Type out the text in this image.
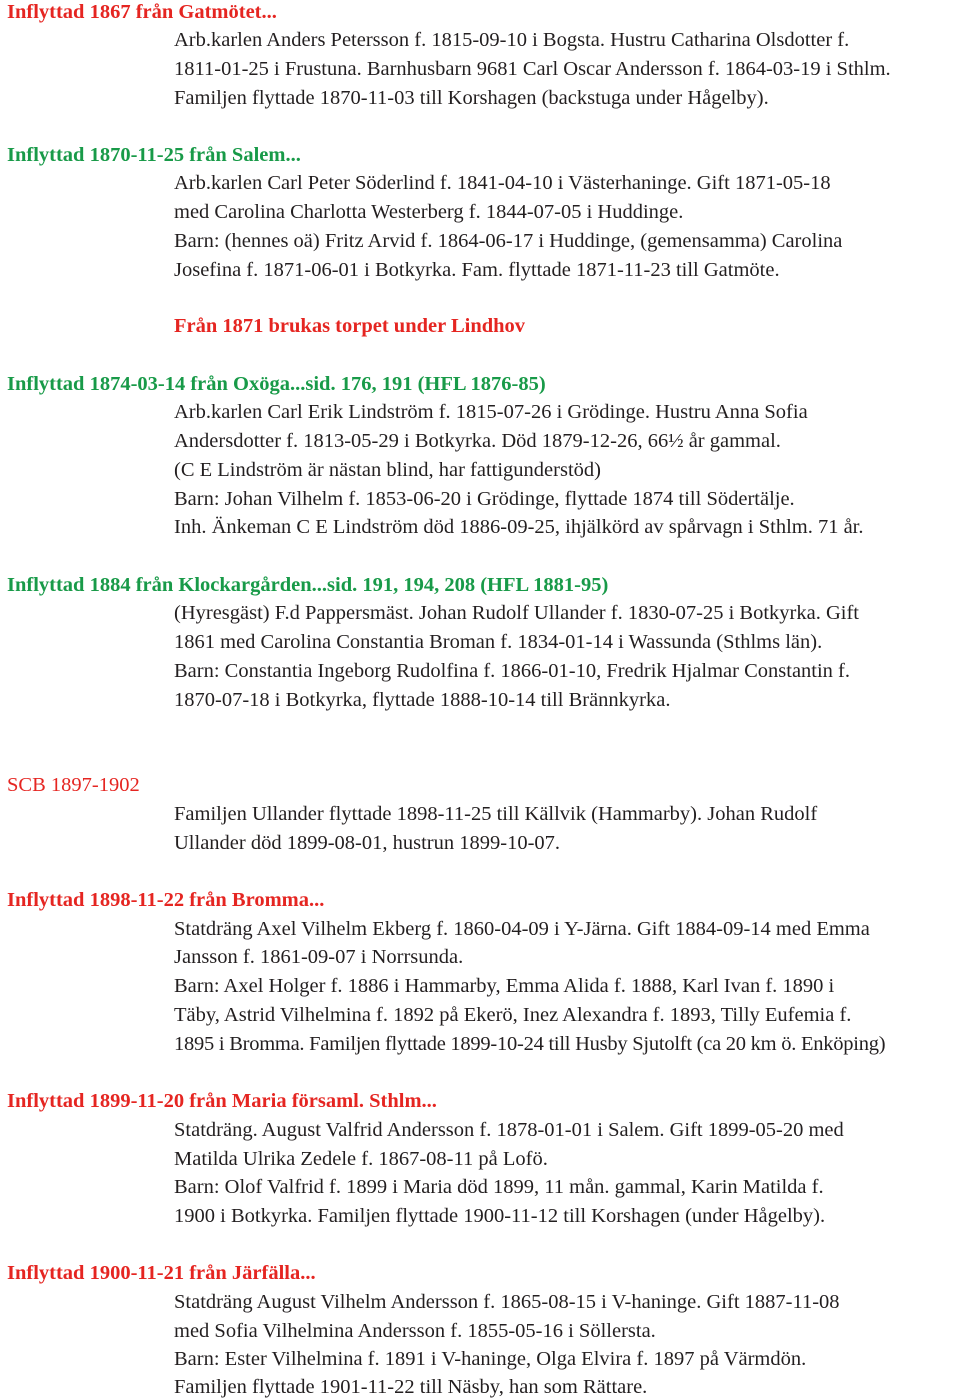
Inflyttad 1867 från Gatmötet...
Arb.karlen Anders Petersson f. 1815-09-10 i Bogsta. Hustru Catharina Olsdotter f.
1811-01-25 i Frustuna. Barnhusbarn 9681 Carl Oscar Andersson f. 1864-03-19 i Sthlm.
Familjen flyttade 1870-11-03 till Korshagen (backstuga under Hågelby).
Inflyttad 1870-11-25 från Salem...
Arb.karlen Carl Peter Söderlind f. 1841-04-10 i Västerhaninge. Gift 1871-05-18
med Carolina Charlotta Westerberg f. 1844-07-05 i Huddinge.
Barn: (hennes oä) Fritz Arvid f. 1864-06-17 i Huddinge, (gemensamma) Carolina
Josefina f. 1871-06-01 i Botkyrka. Fam. flyttade 1871-11-23 till Gatmöte.
Från 1871 brukas torpet under Lindhov
Inflyttad 1874-03-14 från Oxöga...sid. 176, 191 (HFL 1876-85)
Arb.karlen Carl Erik Lindström f. 1815-07-26 i Grödinge. Hustru Anna Sofia
Andersdotter f. 1813-05-29 i Botkyrka. Död 1879-12-26, 66½ år gammal.
(C E Lindström är nästan blind, har fattigunderstöd)
Barn: Johan Vilhelm f. 1853-06-20 i Grödinge, flyttade 1874 till Södertälje.
Inh. Änkeman C E Lindström död 1886-09-25, ihjälkörd av spårvagn i Sthlm. 71 år.
Inflyttad 1884 från Klockargården...sid. 191, 194, 208 (HFL 1881-95)
(Hyresgäst) F.d Pappersmäst. Johan Rudolf Ullander f. 1830-07-25 i Botkyrka. Gift
1861 med Carolina Constantia Broman f. 1834-01-14 i Wassunda (Sthlms län).
Barn: Constantia Ingeborg Rudolfina f. 1866-01-10, Fredrik Hjalmar Constantin f.
1870-07-18 i Botkyrka, flyttade 1888-10-14 till Brännkyrka.
SCB 1897-1902
Familjen Ullander flyttade 1898-11-25 till Källvik (Hammarby). Johan Rudolf
Ullander död 1899-08-01, hustrun 1899-10-07.
Inflyttad 1898-11-22 från Bromma...
Statdräng Axel Vilhelm Ekberg f. 1860-04-09 i Y-Järna. Gift 1884-09-14 med Emma
Jansson f. 1861-09-07 i Norrsunda.
Barn: Axel Holger f. 1886 i Hammarby, Emma Alida f. 1888, Karl Ivan f. 1890 i
Täby, Astrid Vilhelmina f. 1892 på Ekerö, Inez Alexandra f. 1893, Tilly Eufemia f.
1895 i Bromma. Familjen flyttade 1899-10-24 till Husby Sjutolft (ca 20 km ö. Enköping)
Inflyttad 1899-11-20 från Maria församl. Sthlm...
Statdräng. August Valfrid Andersson f. 1878-01-01 i Salem. Gift 1899-05-20 med
Matilda Ulrika Zedele f. 1867-08-11 på Lofö.
Barn: Olof Valfrid f. 1899 i Maria död 1899, 11 mån. gammal, Karin Matilda f.
1900 i Botkyrka. Familjen flyttade 1900-11-12 till Korshagen (under Hågelby).
Inflyttad 1900-11-21 från Järfälla...
Statdräng August Vilhelm Andersson f. 1865-08-15 i V-haninge. Gift 1887-11-08
med Sofia Vilhelmina Andersson f. 1855-05-16 i Söllersta.
Barn: Ester Vilhelmina f. 1891 i V-haninge, Olga Elvira f. 1897 på Värmdön.
Familjen flyttade 1901-11-22 till Näsby, han som Rättare.
